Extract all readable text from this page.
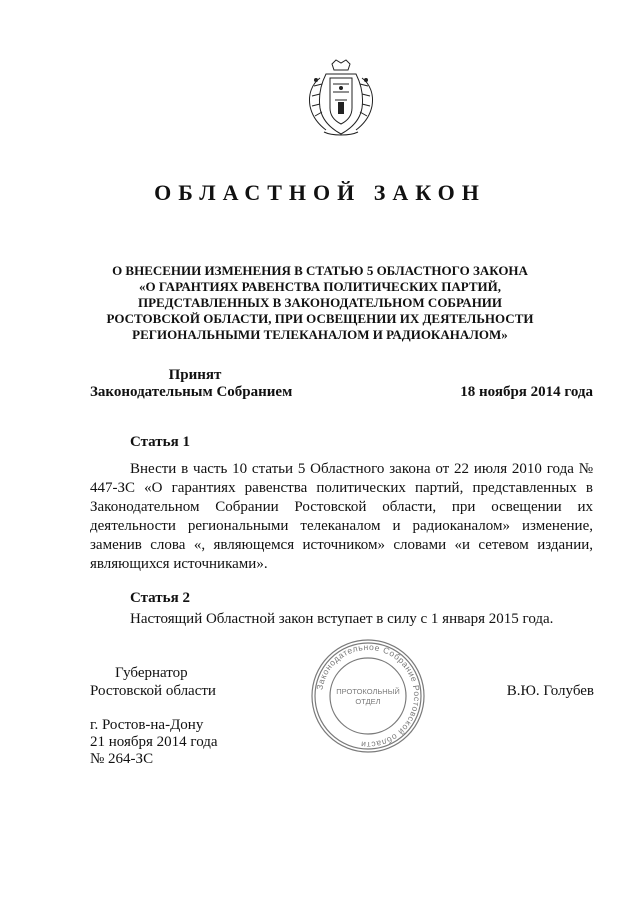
ОБЛАСТНОЙ ЗАКОН
О ВНЕСЕНИИ ИЗМЕНЕНИЯ В СТАТЬЮ 5 ОБЛАСТНОГО ЗАКОНА
«О ГАРАНТИЯХ РАВЕНСТВА ПОЛИТИЧЕСКИХ ПАРТИЙ,
ПРЕДСТАВЛЕННЫХ В ЗАКОНОДАТЕЛЬНОМ СОБРАНИИ
РОСТОВСКОЙ ОБЛАСТИ, ПРИ ОСВЕЩЕНИИ ИХ ДЕЯТЕЛЬНОСТИ
РЕГИОНАЛЬНЫМИ ТЕЛЕКАНАЛОМ И РАДИОКАНАЛОМ»
Принят
Законодательным Собранием	18 ноября 2014 года
Статья 1
Внести в часть 10 статьи 5 Областного закона от 22 июля 2010 года № 447-ЗС «О гарантиях равенства политических партий, представленных в Законодательном Собрании Ростовской области, при освещении их деятельности региональными телеканалом и радиоканалом» изменение, заменив слова «, являющемся источником» словами «и сетевом издании, являющихся источниками».
Статья 2
Настоящий Областной закон вступает в силу с 1 января 2015 года.
Губернатор
Ростовской области	В.Ю. Голубев
г. Ростов-на-Дону
21 ноября 2014 года
№ 264-ЗС
Законодательное Собрание Ростовской области
ПРОТОКОЛЬНЫЙ
ОТДЕЛ
